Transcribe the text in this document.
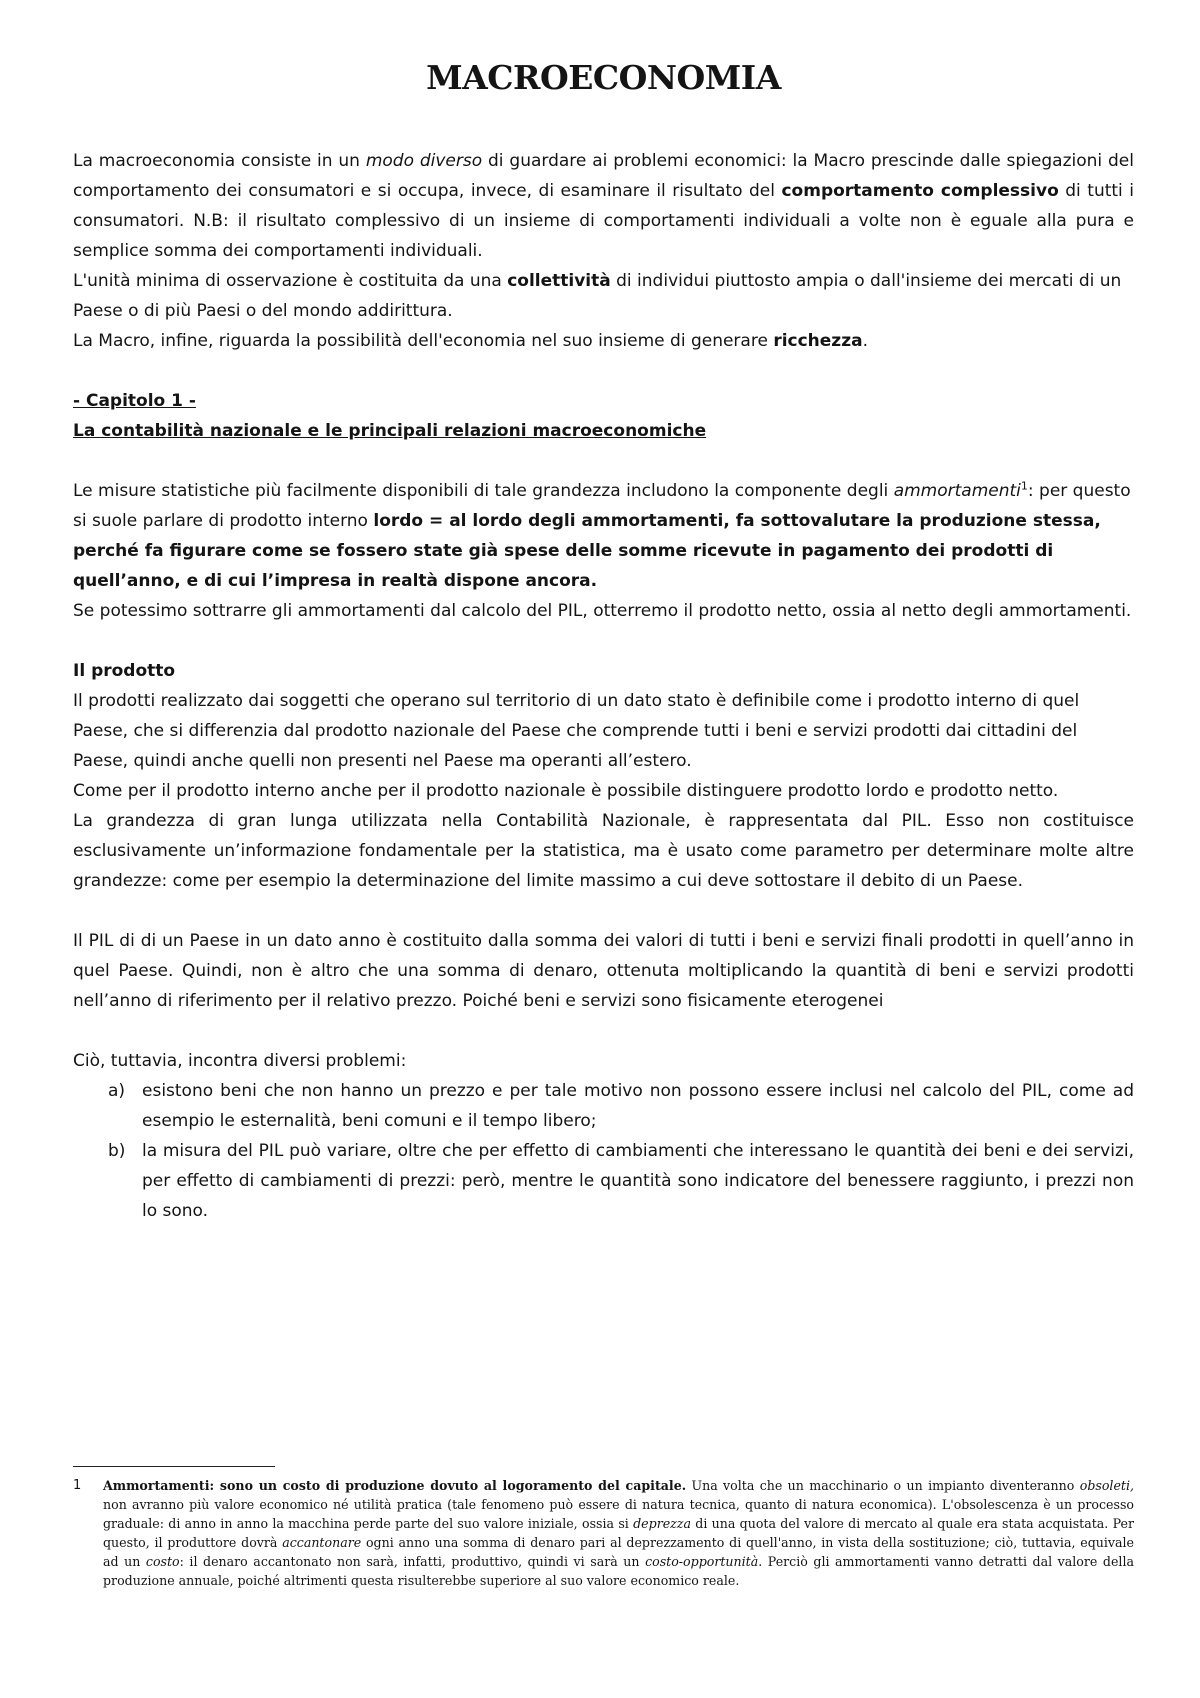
MACROECONOMIA

La macroeconomia consiste in un modo diverso di guardare ai problemi economici: la Macro prescinde dalle spiegazioni del comportamento dei consumatori e si occupa, invece, di esaminare il risultato del comportamento complessivo di tutti i consumatori. N.B: il risultato complessivo di un insieme di comportamenti individuali a volte non è eguale alla pura e semplice somma dei comportamenti individuali.

L'unità minima di osservazione è costituita da una collettività di individui piuttosto ampia o dall'insieme dei mercati di un Paese o di più Paesi o del mondo addirittura.

La Macro, infine, riguarda la possibilità dell'economia nel suo insieme di generare ricchezza.

- Capitolo 1 -

La contabilità nazionale e le principali relazioni macroeconomiche

Le misure statistiche più facilmente disponibili di tale grandezza includono la componente degli ammortamenti$^1$: per questo si suole parlare di prodotto interno lordo = al lordo degli ammortamenti, fa sottovalutare la produzione stessa, perché fa figurare come se fossero state già spese delle somme ricevute in pagamento dei prodotti di quell’anno, e di cui l’impresa in realtà dispone ancora.

Se potessimo sottrarre gli ammortamenti dal calcolo del PIL, otterremo il prodotto netto, ossia al netto degli ammortamenti.

Il prodotto

Il prodotti realizzato dai soggetti che operano sul territorio di un dato stato è definibile come i prodotto interno di quel Paese, che si differenzia dal prodotto nazionale del Paese che comprende tutti i beni e servizi prodotti dai cittadini del Paese, quindi anche quelli non presenti nel Paese ma operanti all’estero.

Come per il prodotto interno anche per il prodotto nazionale è possibile distinguere prodotto lordo e prodotto netto.

La grandezza di gran lunga utilizzata nella Contabilità Nazionale, è rappresentata dal PIL. Esso non costituisce esclusivamente un’informazione fondamentale per la statistica, ma è usato come parametro per determinare molte altre grandezze: come per esempio la determinazione del limite massimo a cui deve sottostare il debito di un Paese.

Il PIL di di un Paese in un dato anno è costituito dalla somma dei valori di tutti i beni e servizi finali prodotti in quell’anno in quel Paese. Quindi, non è altro che una somma di denaro, ottenuta moltiplicando la quantità di beni e servizi prodotti nell’anno di riferimento per il relativo prezzo. Poiché beni e servizi sono fisicamente eterogenei

Ciò, tuttavia, incontra diversi problemi:

a) esistono beni che non hanno un prezzo e per tale motivo non possono essere inclusi nel calcolo del PIL, come ad esempio le esternalità, beni comuni e il tempo libero;
b) la misura del PIL può variare, oltre che per effetto di cambiamenti che interessano le quantità dei beni e dei servizi, per effetto di cambiamenti di prezzi: però, mentre le quantità sono indicatore del benessere raggiunto, i prezzi non lo sono.
1 Ammortamenti: sono un costo di produzione dovuto al logoramento del capitale. Una volta che un macchinario o un impianto diventeranno obsoleti, non avranno più valore economico né utilità pratica (tale fenomeno può essere di natura tecnica, quanto di natura economica). L'obsolescenza è un processo graduale: di anno in anno la macchina perde parte del suo valore iniziale, ossia si deprezza di una quota del valore di mercato al quale era stata acquistata. Per questo, il produttore dovrà accantonare ogni anno una somma di denaro pari al deprezzamento di quell'anno, in vista della sostituzione; ciò, tuttavia, equivale ad un costo: il denaro accantonato non sarà, infatti, produttivo, quindi vi sarà un costo-opportunità. Perciò gli ammortamenti vanno detratti dal valore della produzione annuale, poiché altrimenti questa risulterebbe superiore al suo valore economico reale.
